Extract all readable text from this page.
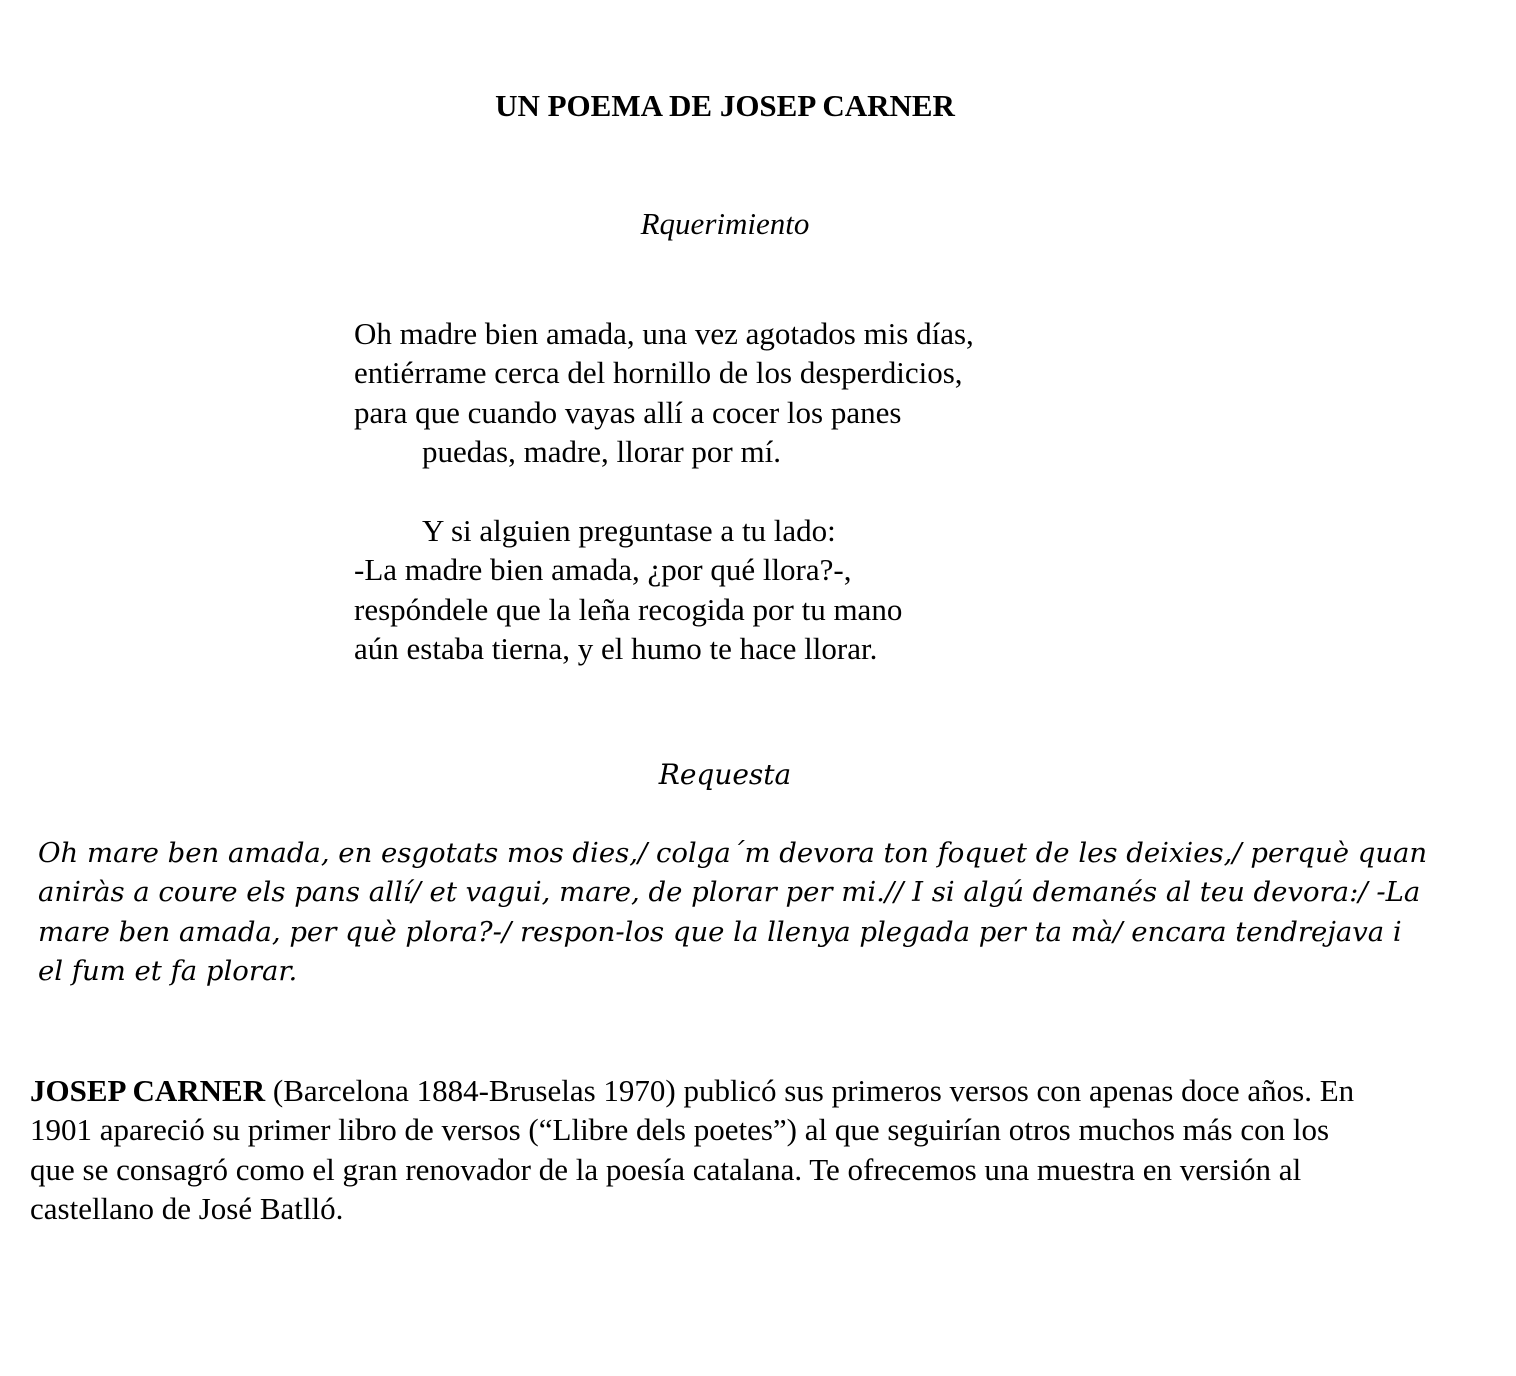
UN POEMA DE JOSEP CARNER
Rquerimiento
Oh madre bien amada, una vez agotados mis días,
entiérrame cerca del hornillo de los desperdicios,
para que cuando vayas allí a cocer los panes
puedas, madre, llorar por mí.
Y si alguien preguntase a tu lado:
-La madre bien amada, ¿por qué llora?-,
respóndele que la leña recogida por tu mano
aún estaba tierna, y el humo te hace llorar.
Requesta
Oh mare ben amada, en esgotats mos dies,/ colga´m devora ton foquet de les deixies,/ perquè quan aniràs a coure els pans allí/ et vagui, mare, de plorar per mi.// I si algú demanés al teu devora:/ -La mare ben amada, per què plora?-/ respon-los que la llenya plegada per ta mà/ encara tendrejava i el fum et fa plorar.
JOSEP CARNER (Barcelona 1884-Bruselas 1970) publicó sus primeros versos con apenas doce años. En 1901 apareció su primer libro de versos (“Llibre dels poetes”) al que seguirían otros muchos más con los que se consagró como el gran renovador de la poesía catalana. Te ofrecemos una muestra en versión al castellano de José Batlló.
